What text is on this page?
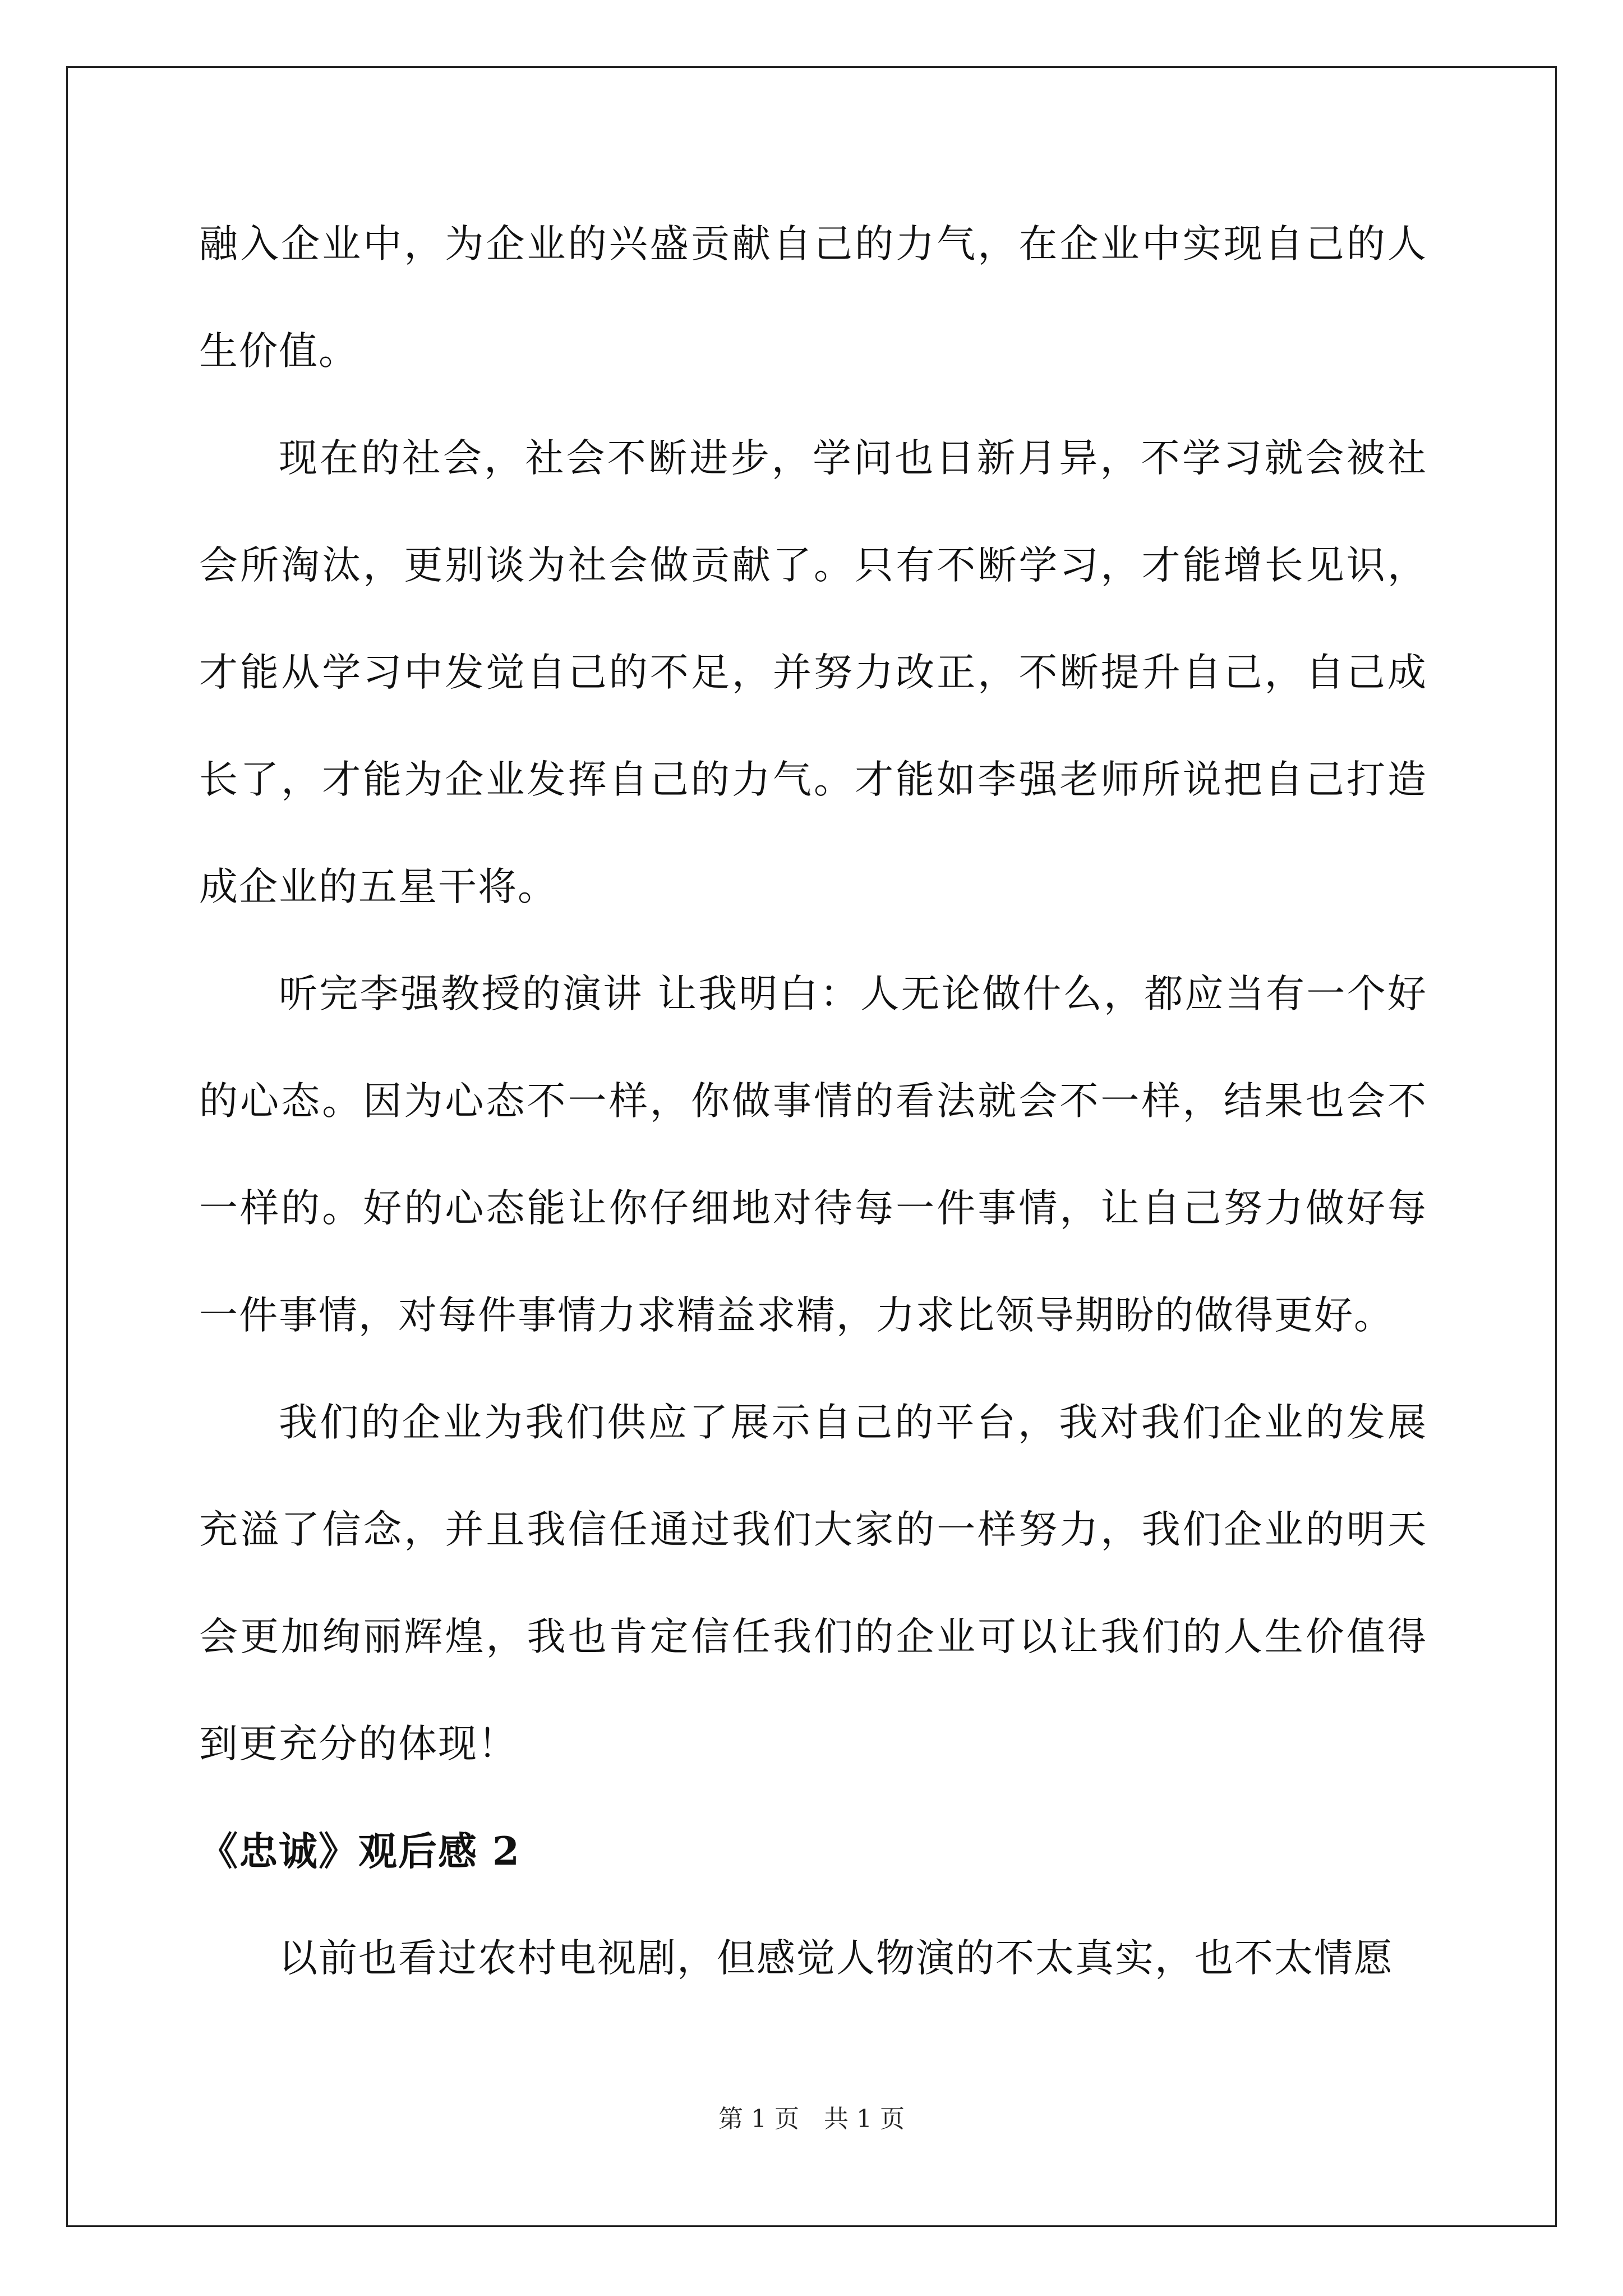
融入企业中，为企业的兴盛贡献自己的力气，在企业中实现自己的人生价值。

现在的社会，社会不断进步，学问也日新月异，不学习就会被社会所淘汰，更别谈为社会做贡献了。只有不断学习，才能增长见识，才能从学习中发觉自己的不足，并努力改正，不断提升自己，自己成长了，才能为企业发挥自己的力气。才能如李强老师所说把自己打造成企业的五星干将。

听完李强教授的演讲 让我明白：人无论做什么，都应当有一个好的心态。因为心态不一样，你做事情的看法就会不一样，结果也会不一样的。好的心态能让你仔细地对待每一件事情，让自己努力做好每一件事情，对每件事情力求精益求精，力求比领导期盼的做得更好。

我们的企业为我们供应了展示自己的平台，我对我们企业的发展充溢了信念，并且我信任通过我们大家的一样努力，我们企业的明天会更加绚丽辉煌，我也肯定信任我们的企业可以让我们的人生价值得到更充分的体现！

《忠诚》观后感 2

以前也看过农村电视剧，但感觉人物演的不太真实，也不太情愿

第 1 页　共 1 页
